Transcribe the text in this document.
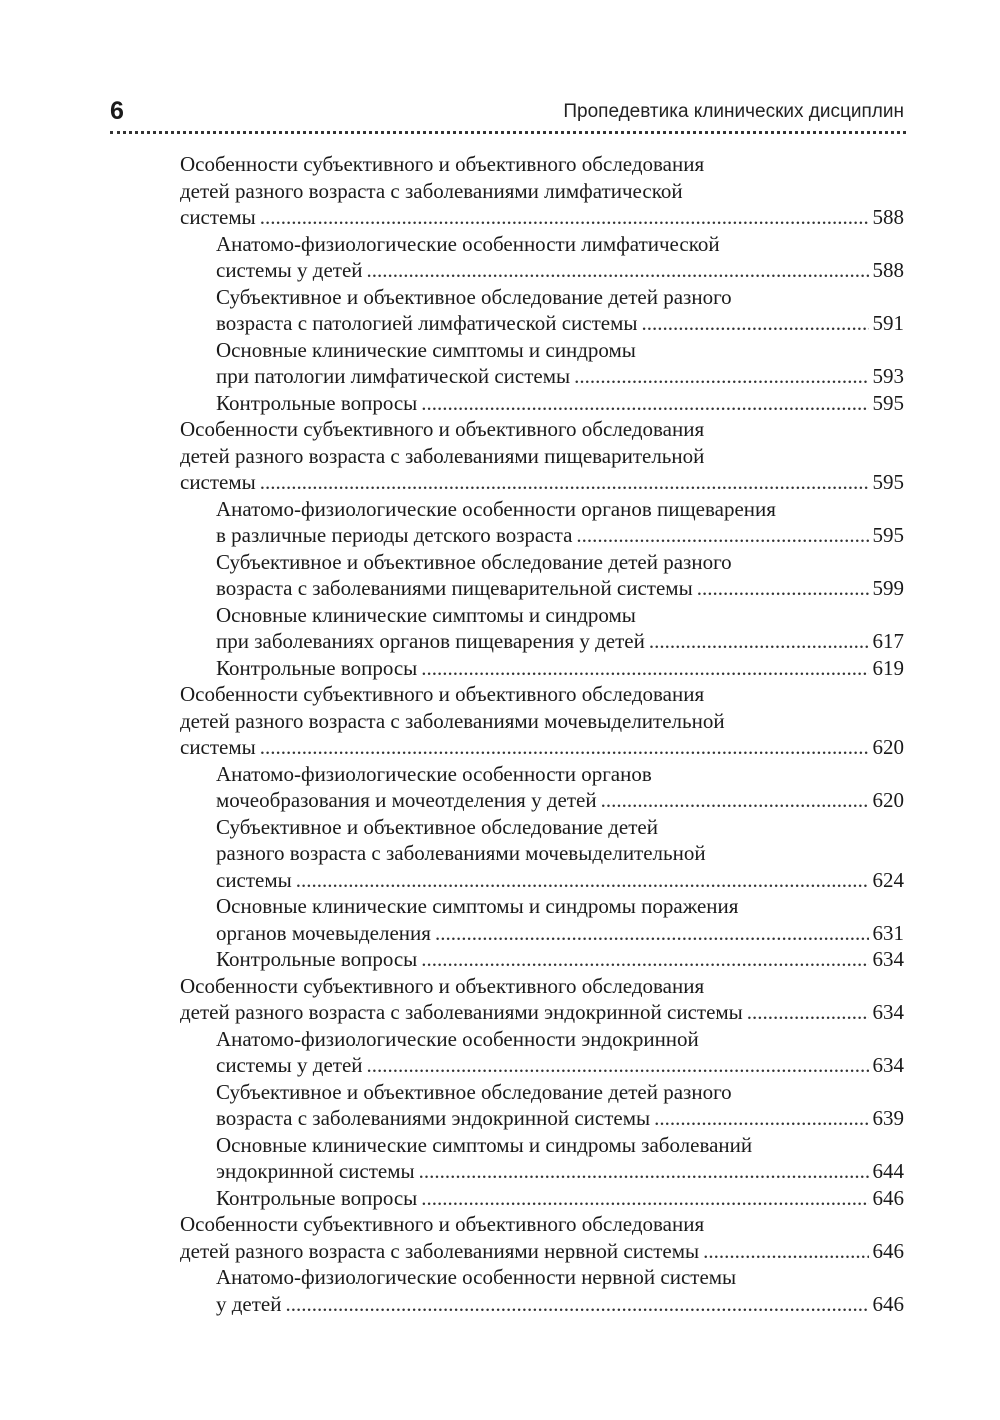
6	Пропедевтика клинических дисциплин
Особенности субъективного и объективного обследования
детей разного возраста с заболеваниями лимфатической
системы .....	588
Анатомо-физиологические особенности лимфатической
системы у детей .....	588
Субъективное и объективное обследование детей разного
возраста с патологией лимфатической системы .....	591
Основные клинические симптомы и синдромы
при патологии лимфатической системы .....	593
Контрольные вопросы .....	595
Особенности субъективного и объективного обследования
детей разного возраста с заболеваниями пищеварительной
системы .....	595
Анатомо-физиологические особенности органов пищеварения
в различные периоды детского возраста .....	595
Субъективное и объективное обследование детей разного
возраста с заболеваниями пищеварительной системы .....	599
Основные клинические симптомы и синдромы
при заболеваниях органов пищеварения у детей .....	617
Контрольные вопросы .....	619
Особенности субъективного и объективного обследования
детей разного возраста с заболеваниями мочевыделительной
системы .....	620
Анатомо-физиологические особенности органов
мочеобразования и мочеотделения у детей .....	620
Субъективное и объективное обследование детей
разного возраста с заболеваниями мочевыделительной
системы .....	624
Основные клинические симптомы и синдромы поражения
органов мочевыделения .....	631
Контрольные вопросы .....	634
Особенности субъективного и объективного обследования
детей разного возраста с заболеваниями эндокринной системы .....	634
Анатомо-физиологические особенности эндокринной
системы у детей .....	634
Субъективное и объективное обследование детей разного
возраста с заболеваниями эндокринной системы .....	639
Основные клинические симптомы и синдромы заболеваний
эндокринной системы .....	644
Контрольные вопросы .....	646
Особенности субъективного и объективного обследования
детей разного возраста с заболеваниями нервной системы .....	646
Анатомо-физиологические особенности нервной системы
у детей .....	646
